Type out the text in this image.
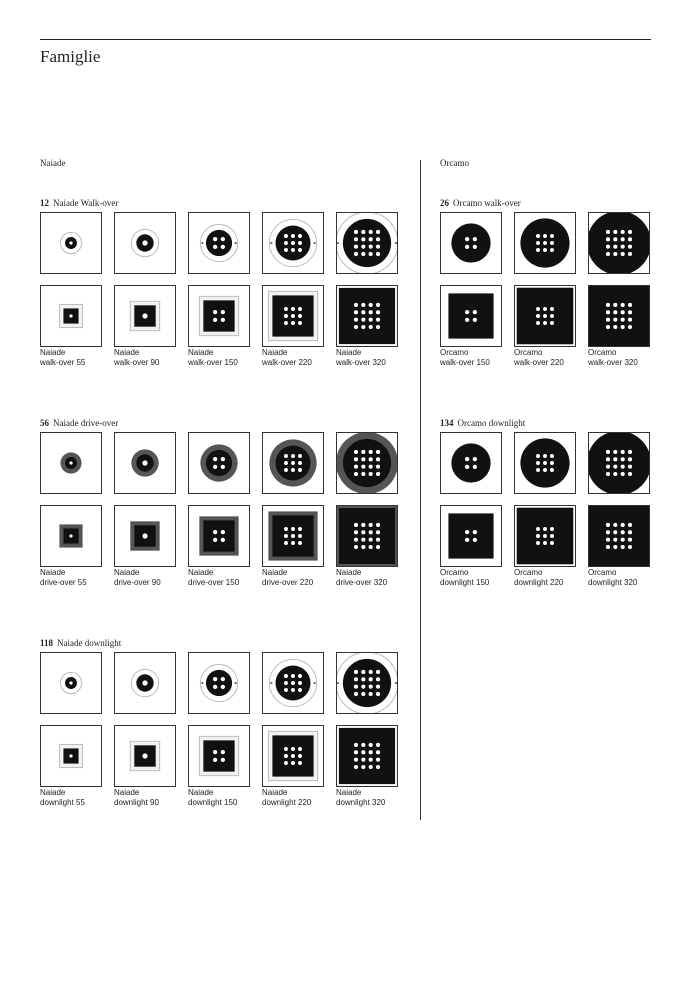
Famiglie
Naiade	Orcamo
12 Naiade Walk-over
Naiade
walk-over 55
Naiade
walk-over 90
Naiade
walk-over 150
Naiade
walk-over 220
Naiade
walk-over 320
56 Naiade drive-over
Naiade
drive-over 55
Naiade
drive-over 90
Naiade
drive-over 150
Naiade
drive-over 220
Naiade
drive-over 320
118 Naiade downlight
Naiade
downlight 55
Naiade
downlight 90
Naiade
downlight 150
Naiade
downlight 220
Naiade
downlight 320
26 Orcamo walk-over
Orcamo
walk-over 150
Orcamo
walk-over 220
Orcamo
walk-over 320
134 Orcamo downlight
Orcamo
downlight 150
Orcamo
downlight 220
Orcamo
downlight 320
